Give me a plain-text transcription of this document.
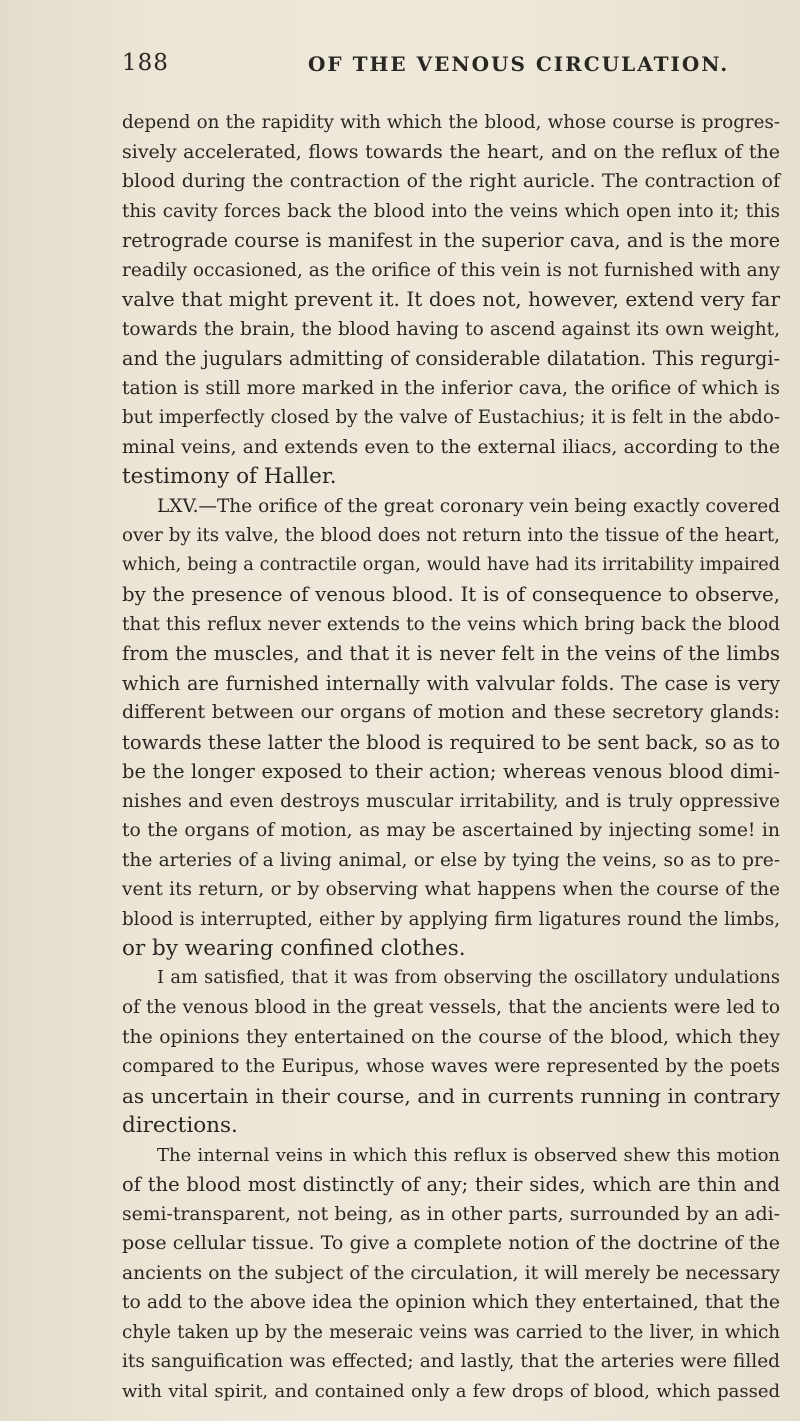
188	OF THE VENOUS CIRCULATION.
depend on the rapidity with which the blood, whose course is progres-
sively accelerated, flows towards the heart, and on the reflux of the
blood during the contraction of the right auricle. The contraction of
this cavity forces back the blood into the veins which open into it; this
retrograde course is manifest in the superior cava, and is the more
readily occasioned, as the orifice of this vein is not furnished with any
valve that might prevent it. It does not, however, extend very far
towards the brain, the blood having to ascend against its own weight,
and the jugulars admitting of considerable dilatation. This regurgi-
tation is still more marked in the inferior cava, the orifice of which is
but imperfectly closed by the valve of Eustachius; it is felt in the abdo-
minal veins, and extends even to the external iliacs, according to the
testimony of Haller.
LXV.—The orifice of the great coronary vein being exactly covered
over by its valve, the blood does not return into the tissue of the heart,
which, being a contractile organ, would have had its irritability impaired
by the presence of venous blood. It is of consequence to observe,
that this reflux never extends to the veins which bring back the blood
from the muscles, and that it is never felt in the veins of the limbs
which are furnished internally with valvular folds. The case is very
different between our organs of motion and these secretory glands:
towards these latter the blood is required to be sent back, so as to
be the longer exposed to their action; whereas venous blood dimi-
nishes and even destroys muscular irritability, and is truly oppressive
to the organs of motion, as may be ascertained by injecting some! in
the arteries of a living animal, or else by tying the veins, so as to pre-
vent its return, or by observing what happens when the course of the
blood is interrupted, either by applying firm ligatures round the limbs,
or by wearing confined clothes.
I am satisfied, that it was from observing the oscillatory undulations
of the venous blood in the great vessels, that the ancients were led to
the opinions they entertained on the course of the blood, which they
compared to the Euripus, whose waves were represented by the poets
as uncertain in their course, and in currents running in contrary
directions.
The internal veins in which this reflux is observed shew this motion
of the blood most distinctly of any; their sides, which are thin and
semi-transparent, not being, as in other parts, surrounded by an adi-
pose cellular tissue. To give a complete notion of the doctrine of the
ancients on the subject of the circulation, it will merely be necessary
to add to the above idea the opinion which they entertained, that the
chyle taken up by the meseraic veins was carried to the liver, in which
its sanguification was effected; and lastly, that the arteries were filled
with vital spirit, and contained only a few drops of blood, which passed
